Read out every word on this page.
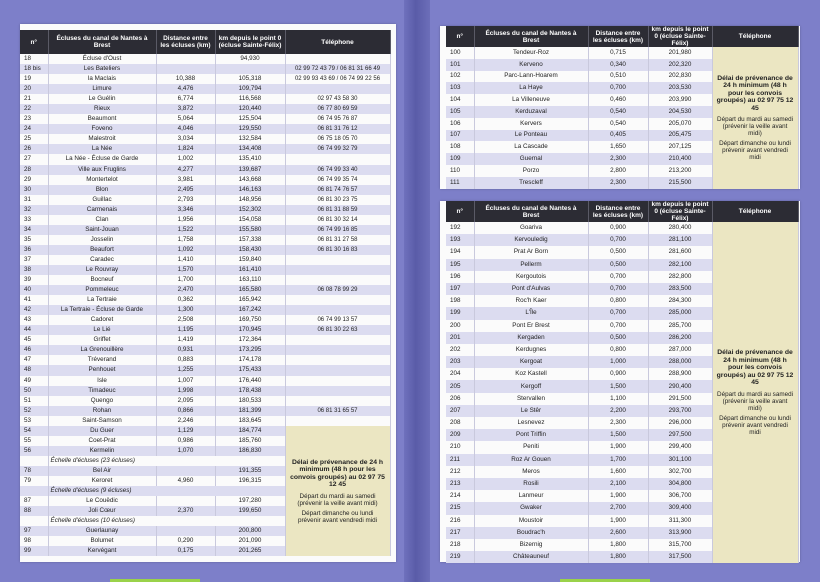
n°	Écluses du canal de Nantes à Brest	Distance entre les écluses (km)	km depuis le point 0 (écluse Sainte-Félix)	Téléphone
18	Écluse d'Oust		94,930	
18 bis	Les Bateliers			02 99 72 43 79 / 06 81 31 66 49
19	la Maclais	10,388	105,318	02 99 93 43 69 / 06 74 99 22 56
20	Limure	4,476	109,794	
21	Le Guélin	6,774	116,568	02 97 43 58 30
22	Rieux	3,872	120,440	06 77 80 69 59
23	Beaumont	5,064	125,504	06 74 95 76 87
24	Foveno	4,046	129,550	06 81 31 76 12
25	Malestroit	3,034	132,584	06 75 18 05 70
26	La Née	1,824	134,408	06 74 99 32 79
27	La Née - Écluse de Garde	1,002	135,410	
28	Ville aux Fruglins	4,277	139,687	06 74 99 33 40
29	Montertelot	3,981	143,668	06 74 99 35 74
30	Blon	2,495	146,163	06 81 74 76 57
31	Guillac	2,793	148,956	06 81 30 23 75
32	Carmenais	3,346	152,302	06 81 31 88 59
33	Clan	1,956	154,058	06 81 30 32 14
34	Saint-Jouan	1,522	155,580	06 74 99 16 85
35	Josselin	1,758	157,338	06 81 31 27 58
36	Beaufort	1,092	158,430	06 81 30 16 83
37	Caradec	1,410	159,840	
38	Le Rouvray	1,570	161,410	
39	Bocneuf	1,700	163,110	
40	Pommeleuc	2,470	165,580	06 08 78 99 29
41	La Tertraie	0,362	165,942	
42	La Tertraie - Écluse de Garde	1,300	167,242	
43	Cadoret	2,508	169,750	06 74 99 13 57
44	Le Lié	1,195	170,945	06 81 30 22 63
45	Griffet	1,419	172,364	
46	La Grenouillère	0,931	173,295	
47	Tréverand	0,883	174,178	
48	Penhouet	1,255	175,433	
49	Isle	1,007	176,440	
50	Timadeuc	1,998	178,438	
51	Quengo	2,095	180,533	
52	Rohan	0,866	181,399	06 81 31 65 57
53	Saint-Samson	2,246	183,645	
54	Du Guer	1,129	184,774	Délai de prévenance de 24 h minimum (48 h pour les convois groupés) au 02 97 75 12 45
Départ du mardi au samedi
(prévenir la veille avant midi)
Départ dimanche ou lundi
prévenir avant vendredi midi

55	Coet-Prat	0,986	185,760	
56	Kermelin	1,070	186,830	
	Échelle d'écluses (23 écluses)			
78	Bel Air		191,355	
79	Keroret	4,960	196,315	
	Échelle d'écluses (9 écluses)			
87	Le Couëdic		197,280	
88	Joli Cœur	2,370	199,650	
	Échelle d'écluses (10 écluses)			
97	Guerlaunay		200,800	
98	Bolumet	0,290	201,090	
99	Kervégant	0,175	201,265	
n°	Écluses du canal de Nantes à Brest	Distance entre les écluses (km)	km depuis le point 0 (écluse Sainte-Félix)	Téléphone
100	Tendeur-Roz	0,715	201,980	Délai de prévenance de 24 h minimum (48 h pour les convois groupés) au 02 97 75 12 45
Départ du mardi au samedi
(prévenir la veille avant midi)
Départ dimanche ou lundi
prévenir avant vendredi midi

101	Kerveno	0,340	202,320	
102	Parc-Lann-Hoarem	0,510	202,830	
103	La Haye	0,700	203,530	
104	La Villeneuve	0,460	203,990	
105	Kerduzaval	0,540	204,530	
106	Kervers	0,540	205,070	
107	Le Ponteau	0,405	205,475	
108	La Cascade	1,650	207,125	
109	Guernal	2,300	210,400	
110	Porzo	2,800	213,200	
111	Trescleff	2,300	215,500	
n°	Écluses du canal de Nantes à Brest	Distance entre les écluses (km)	km depuis le point 0 (écluse Sainte-Félix)	Téléphone
192	Goariva	0,900	280,400	Délai de prévenance de 24 h minimum (48 h pour les convois groupés) au 02 97 75 12 45
Départ du mardi au samedi
(prévenir la veille avant midi)
Départ dimanche ou lundi
prévenir avant vendredi midi

193	Kervouledig	0,700	281,100	
194	Prat Ar Born	0,500	281,600	
195	Pellerm	0,500	282,100	
196	Kergoutois	0,700	282,800	
197	Pont d'Aulvas	0,700	283,500	
198	Roc'h Kaer	0,800	284,300	
199	L'Île	0,700	285,000	
200	Pont Er Brest	0,700	285,700	
201	Kergaden	0,500	286,200	
202	Kerdugnes	0,800	287,000	
203	Kergoat	1,000	288,000	
204	Koz Kastell	0,900	288,900	
205	Kergoff	1,500	290,400	
206	Stervallen	1,100	291,500	
207	Le Stêr	2,200	293,700	
208	Lesnevez	2,300	296,000	
209	Pont Triffin	1,500	297,500	
210	Peniti	1,900	299,400	
211	Roz Ar Gouen	1,700	301,100	
212	Meros	1,600	302,700	
213	Rosili	2,100	304,800	
214	Lanmeur	1,900	306,700	
215	Gwaker	2,700	309,400	
216	Moustoir	1,900	311,300	
217	Boudrac'h	2,600	313,900	
218	Bizernig	1,800	315,700	
219	Châteauneuf	1,800	317,500	
